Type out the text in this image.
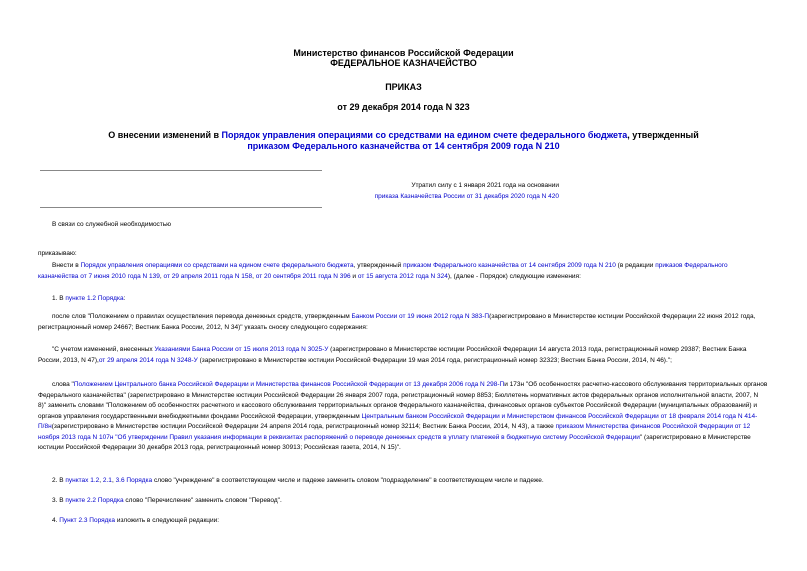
Министерство финансов Российской Федерации
ФЕДЕРАЛЬНОЕ КАЗНАЧЕЙСТВО
ПРИКАЗ
от 29 декабря 2014 года N 323
О внесении изменений в Порядок управления операциями со средствами на едином счете федерального бюджета, утвержденный приказом Федерального казначейства от 14 сентября 2009 года N 210
Утратил силу с 1 января 2021 года на основании
приказа Казначейства России от 31 декабря 2020 года N 420
В связи со служебной необходимостью
приказываю:
Внести в Порядок управления операциями со средствами на едином счете федерального бюджета, утвержденный приказом Федерального казначейства от 14 сентября 2009 года N 210 (в редакции приказов Федерального казначейства от 7 июня 2010 года N 139, от 29 апреля 2011 года N 158, от 20 сентября 2011 года N 396 и от 15 августа 2012 года N 324), (далее - Порядок) следующие изменения:
1. В пункте 1.2 Порядка:
после слов "Положением о правилах осуществления перевода денежных средств, утвержденным Банком России от 19 июня 2012 года N 383-П(зарегистрировано в Министерстве юстиции Российской Федерации 22 июня 2012 года, регистрационный номер 24667; Вестник Банка России, 2012, N 34)" указать сноску следующего содержания:
"С учетом изменений, внесенных Указаниями Банка России от 15 июля 2013 года N 3025-У (зарегистрировано в Министерстве юстиции Российской Федерации 14 августа 2013 года, регистрационный номер 29387; Вестник Банка России, 2013, N 47),от 29 апреля 2014 года N 3248-У (зарегистрировано в Министерстве юстиции Российской Федерации 19 мая 2014 года, регистрационный номер 32323; Вестник Банка России, 2014, N 46).";
слова "Положением Центрального банка Российской Федерации и Министерства финансов Российской Федерации от 13 декабря 2006 года N 298-Пи 173н "Об особенностях расчетно-кассового обслуживания территориальных органов Федерального казначейства" (зарегистрировано в Министерстве юстиции Российской Федерации 26 января 2007 года, регистрационный номер 8853; Бюллетень нормативных актов федеральных органов исполнительной власти, 2007, N 8)" заменить словами "Положением об особенностях расчетного и кассового обслуживания территориальных органов Федерального казначейства, финансовых органов субъектов Российской Федерации (муниципальных образований) и органов управления государственными внебюджетными фондами Российской Федерации, утвержденным Центральным банком Российской Федерации и Министерством финансов Российской Федерации от 18 февраля 2014 года N 414-П/8н(зарегистрировано в Министерстве юстиции Российской Федерации 24 апреля 2014 года, регистрационный номер 32114; Вестник Банка России, 2014, N 43), а также приказом Министерства финансов Российской Федерации от 12 ноября 2013 года N 107н "Об утверждении Правил указания информации в реквизитах распоряжений о переводе денежных средств в уплату платежей в бюджетную систему Российской Федерации" (зарегистрировано в Министерстве юстиции Российской Федерации 30 декабря 2013 года, регистрационный номер 30913; Российская газета, 2014, N 15)".
2. В пунктах 1.2, 2.1, 3.6 Порядка слово "учреждение" в соответствующем числе и падеже заменить словом "подразделение" в соответствующем числе и падеже.
3. В пункте 2.2 Порядка слово "Перечисление" заменить словом "Перевод".
4. Пункт 2.3 Порядка изложить в следующей редакции:
